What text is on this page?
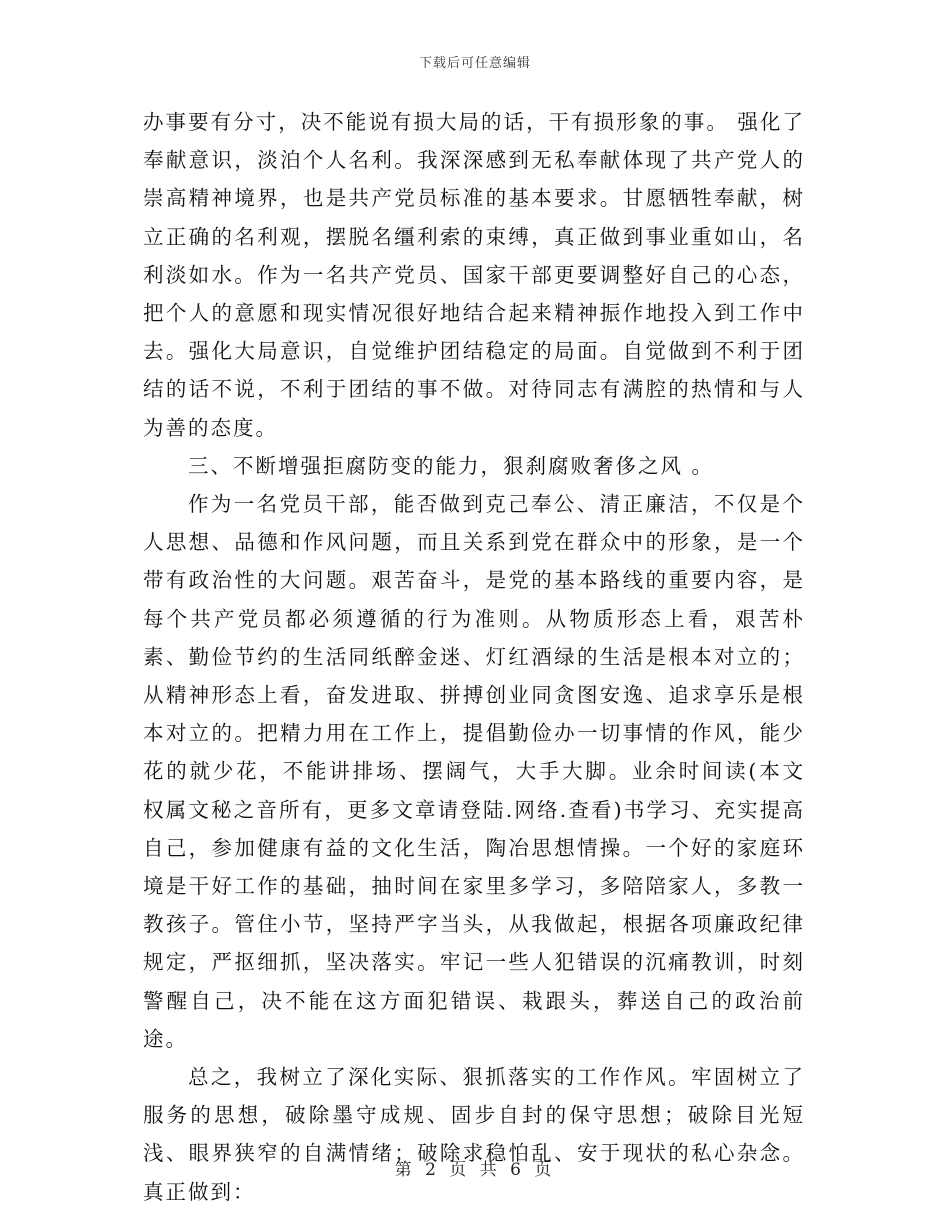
下载后可任意编辑

办事要有分寸，决不能说有损大局的话，干有损形象的事。 强化了奉献意识，淡泊个人名利。我深深感到无私奉献体现了共产党人的崇高精神境界，也是共产党员标准的基本要求。甘愿牺牲奉献，树立正确的名利观，摆脱名缰利索的束缚，真正做到事业重如山，名利淡如水。作为一名共产党员、国家干部更要调整好自己的心态，把个人的意愿和现实情况很好地结合起来精神振作地投入到工作中去。强化大局意识，自觉维护团结稳定的局面。自觉做到不利于团结的话不说，不利于团结的事不做。对待同志有满腔的热情和与人为善的态度。

三、不断增强拒腐防变的能力，狠刹腐败奢侈之风 。

作为一名党员干部，能否做到克己奉公、清正廉洁，不仅是个人思想、品德和作风问题，而且关系到党在群众中的形象，是一个带有政治性的大问题。艰苦奋斗，是党的基本路线的重要内容，是每个共产党员都必须遵循的行为准则。从物质形态上看，艰苦朴素、勤俭节约的生活同纸醉金迷、灯红酒绿的生活是根本对立的；从精神形态上看，奋发进取、拼搏创业同贪图安逸、追求享乐是根本对立的。把精力用在工作上，提倡勤俭办一切事情的作风，能少花的就少花，不能讲排场、摆阔气，大手大脚。业余时间读(本文权属文秘之音所有，更多文章请登陆.网络.查看)书学习、充实提高自己，参加健康有益的文化生活，陶冶思想情操。一个好的家庭环境是干好工作的基础，抽时间在家里多学习，多陪陪家人，多教一教孩子。管住小节，坚持严字当头，从我做起，根据各项廉政纪律规定，严抠细抓，坚决落实。牢记一些人犯错误的沉痛教训，时刻警醒自己，决不能在这方面犯错误、栽跟头，葬送自己的政治前途。

总之，我树立了深化实际、狠抓落实的工作作风。牢固树立了服务的思想，破除墨守成规、固步自封的保守思想；破除目光短浅、眼界狭窄的自满情绪；破除求稳怕乱、安于现状的私心杂念。真正做到：

第 2 页 共 6 页
